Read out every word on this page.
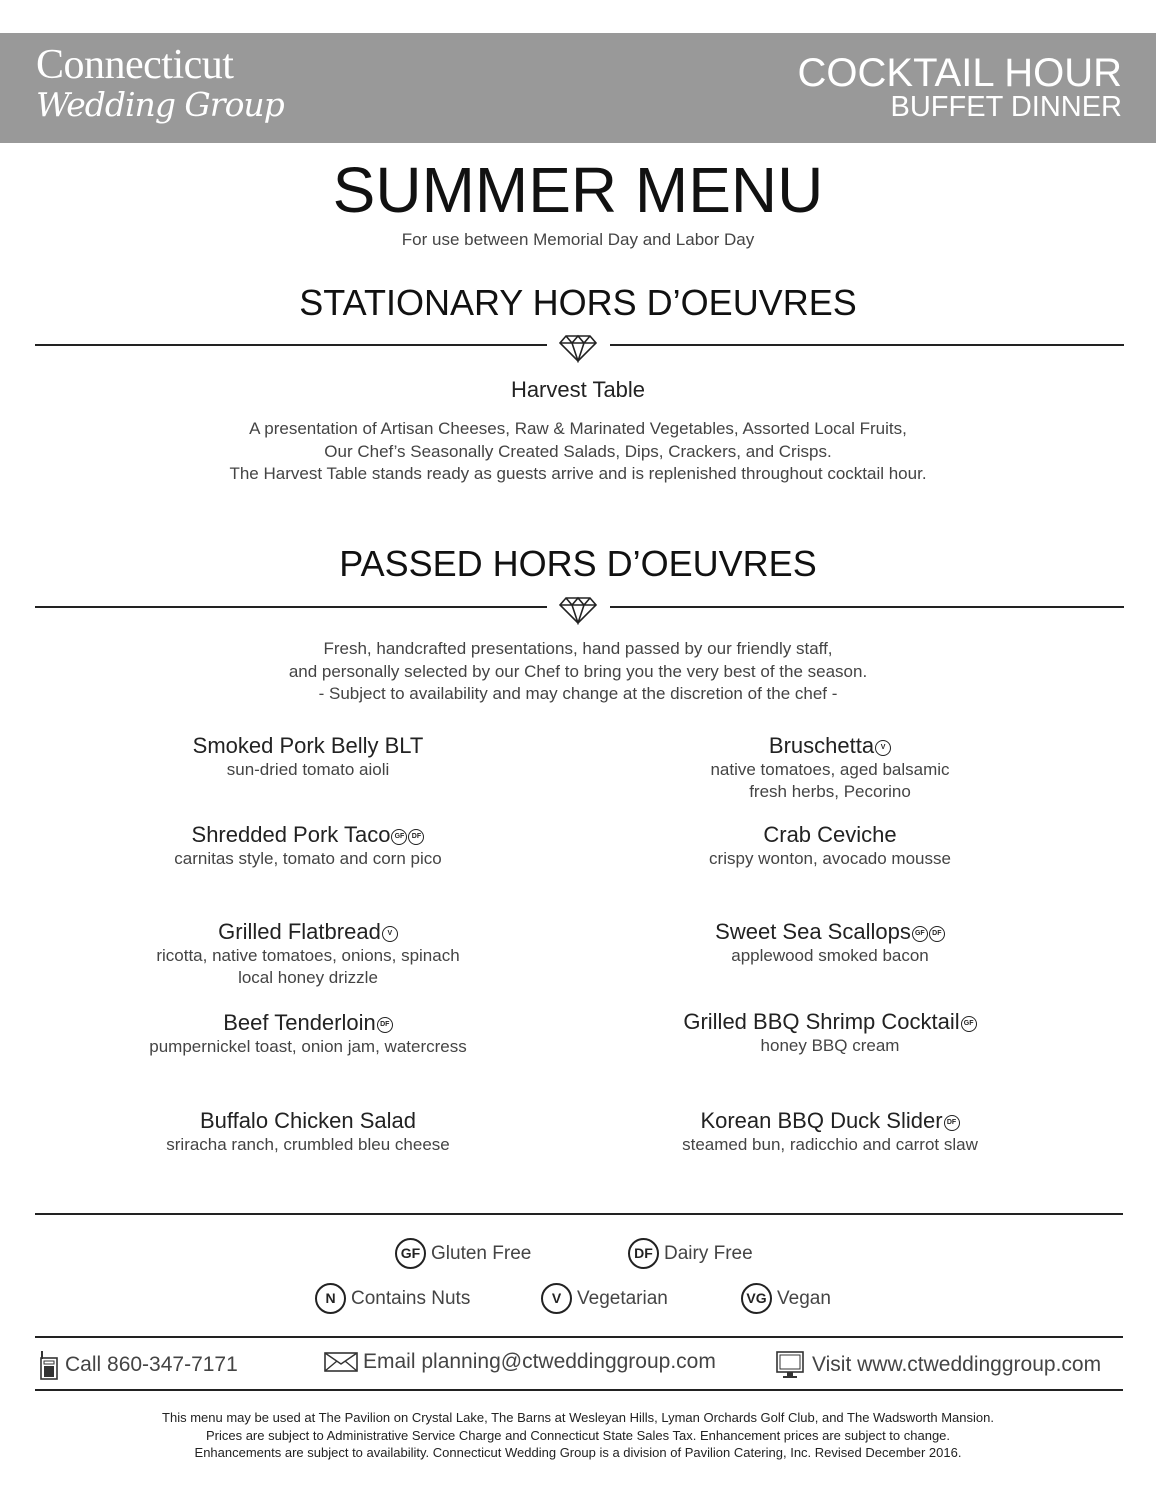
Connecticut
Wedding Group
COCKTAIL HOUR
BUFFET DINNER
SUMMER MENU
For use between Memorial Day and Labor Day
STATIONARY HORS D’OEUVRES
Harvest Table
A presentation of Artisan Cheeses, Raw & Marinated Vegetables, Assorted Local Fruits,
Our Chef’s Seasonally Created Salads, Dips, Crackers, and Crisps.
The Harvest Table stands ready as guests arrive and is replenished throughout cocktail hour.
PASSED HORS D’OEUVRES
Fresh, handcrafted presentations, hand passed by our friendly staff,
and personally selected by our Chef to bring you the very best of the season.
- Subject to availability and may change at the discretion of the chef -
Smoked Pork Belly BLT
sun-dried tomato aioli
Shredded Pork Taco GF DF
carnitas style, tomato and corn pico
Grilled Flatbread V
ricotta, native tomatoes, onions, spinach
local honey drizzle
Beef Tenderloin DF
pumpernickel toast, onion jam, watercress
Buffalo Chicken Salad
sriracha ranch, crumbled bleu cheese
Bruschetta V
native tomatoes, aged balsamic
fresh herbs, Pecorino
Crab Ceviche
crispy wonton, avocado mousse
Sweet Sea Scallops GF DF
applewood smoked bacon
Grilled BBQ Shrimp Cocktail GF
honey BBQ cream
Korean BBQ Duck Slider DF
steamed bun, radicchio and carrot slaw
GF Gluten Free	DF Dairy Free
N Contains Nuts	V Vegetarian	VG Vegan
Call 860-347-7171	Email planning@ctweddinggroup.com	Visit www.ctweddinggroup.com
This menu may be used at The Pavilion on Crystal Lake, The Barns at Wesleyan Hills, Lyman Orchards Golf Club, and The Wadsworth Mansion.
Prices are subject to Administrative Service Charge and Connecticut State Sales Tax. Enhancement prices are subject to change.
Enhancements are subject to availability. Connecticut Wedding Group is a division of Pavilion Catering, Inc. Revised December 2016.
